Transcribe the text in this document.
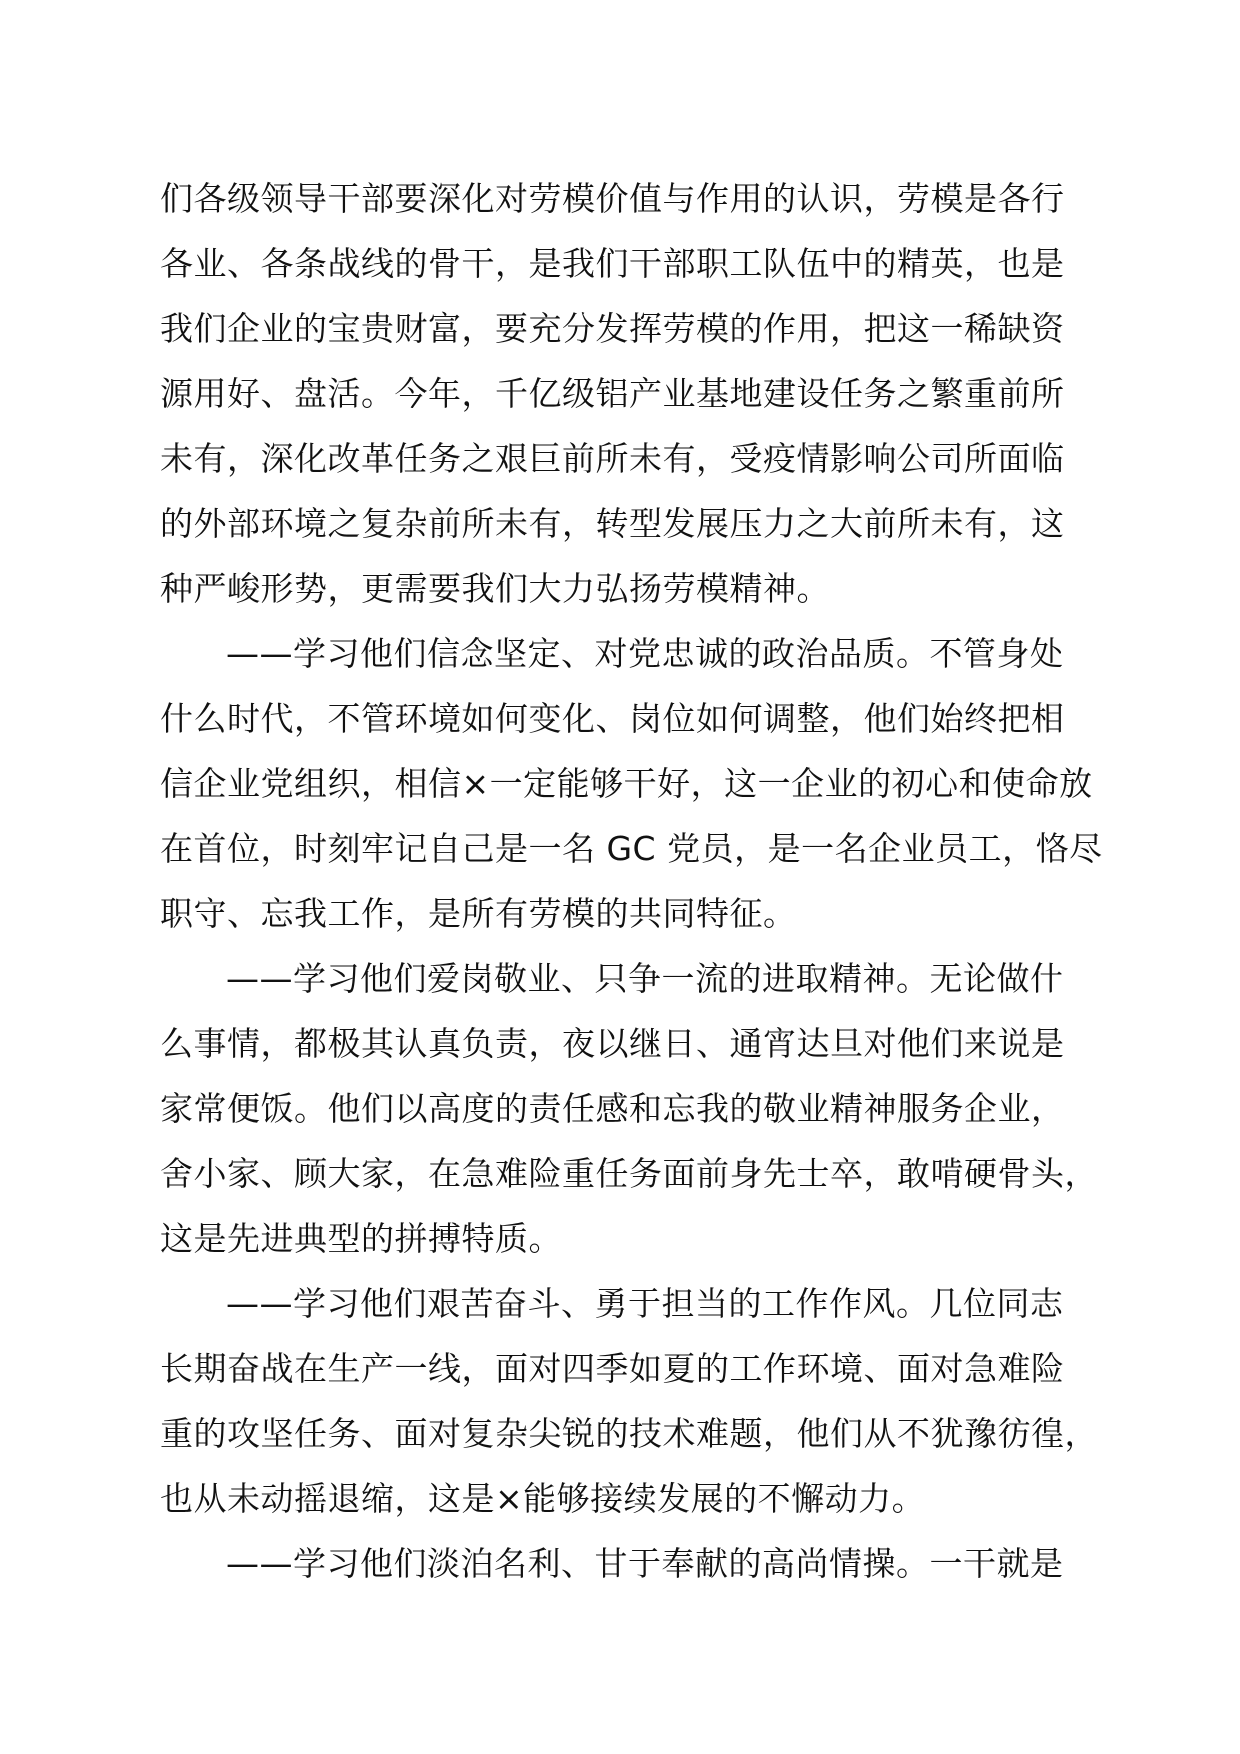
们各级领导干部要深化对劳模价值与作用的认识，劳模是各行
各业、各条战线的骨干，是我们干部职工队伍中的精英，也是
我们企业的宝贵财富，要充分发挥劳模的作用，把这一稀缺资
源用好、盘活。今年，千亿级铝产业基地建设任务之繁重前所
未有，深化改革任务之艰巨前所未有，受疫情影响公司所面临
的外部环境之复杂前所未有，转型发展压力之大前所未有，这
种严峻形势，更需要我们大力弘扬劳模精神。
——学习他们信念坚定、对党忠诚的政治品质。不管身处
什么时代，不管环境如何变化、岗位如何调整，他们始终把相
信企业党组织，相信×一定能够干好，这一企业的初心和使命放
在首位，时刻牢记自己是一名 GC 党员，是一名企业员工，恪尽
职守、忘我工作，是所有劳模的共同特征。
——学习他们爱岗敬业、只争一流的进取精神。无论做什
么事情，都极其认真负责，夜以继日、通宵达旦对他们来说是
家常便饭。他们以高度的责任感和忘我的敬业精神服务企业，
舍小家、顾大家，在急难险重任务面前身先士卒，敢啃硬骨头，
这是先进典型的拼搏特质。
——学习他们艰苦奋斗、勇于担当的工作作风。几位同志
长期奋战在生产一线，面对四季如夏的工作环境、面对急难险
重的攻坚任务、面对复杂尖锐的技术难题，他们从不犹豫彷徨，
也从未动摇退缩，这是×能够接续发展的不懈动力。
——学习他们淡泊名利、甘于奉献的高尚情操。一干就是
